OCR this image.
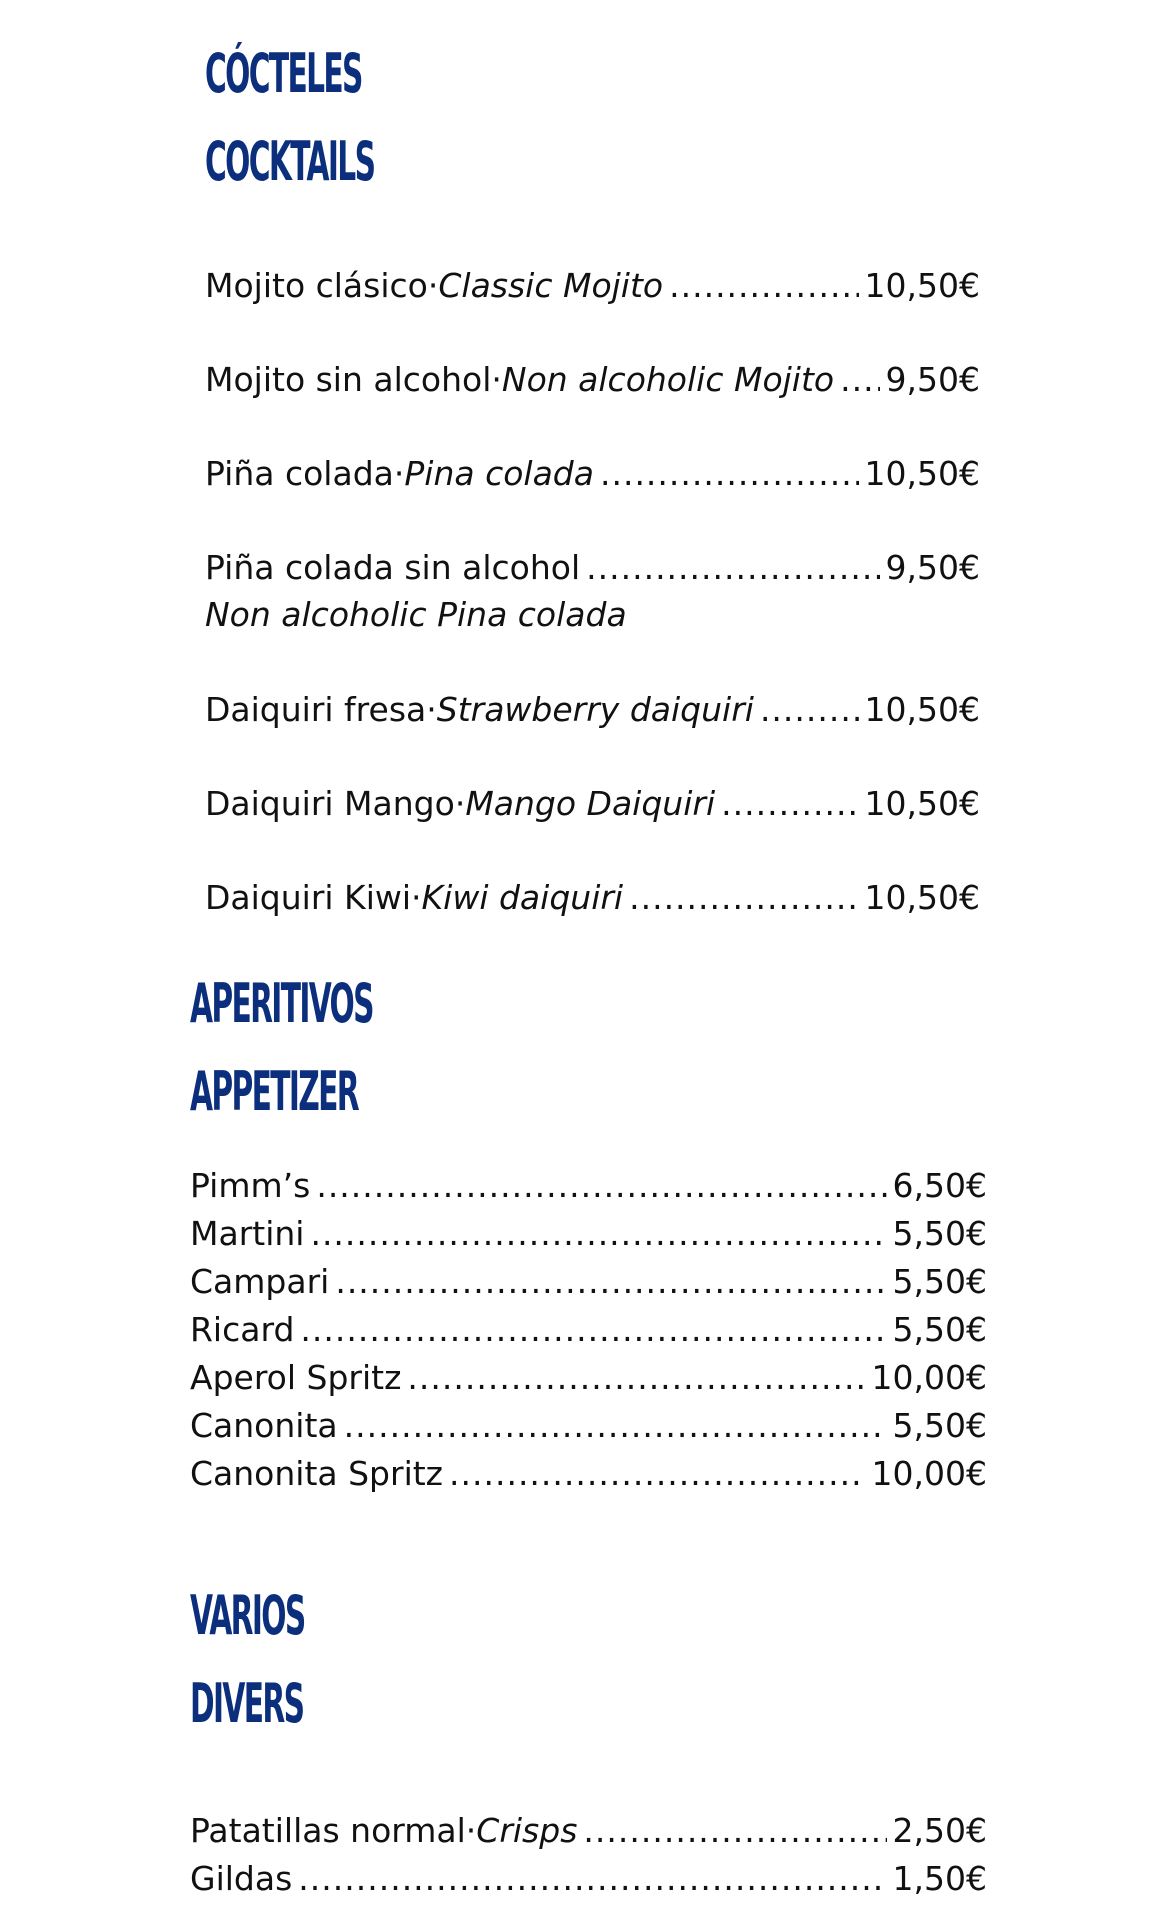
CÓCTELES
COCKTAILS
Mojito clásico · Classic Mojito .....	10,50€
Mojito sin alcohol · Non alcoholic Mojito ..... 9,50€
Piña colada · Pina colada .....	10,50€
Piña colada sin alcohol .....	9,50€
Non alcoholic Pina colada
Daiquiri fresa · Strawberry daiquiri .....	10,50€
Daiquiri Mango · Mango Daiquiri .....	10,50€
Daiquiri Kiwi · Kiwi daiquiri .....	10,50€
APERITIVOS
APPETIZER
Pimm’s .....	6,50€
Martini .....	5,50€
Campari .....	5,50€
Ricard .....	5,50€
Aperol Spritz .....	10,00€
Canonita .....	5,50€
Canonita Spritz .....	10,00€
VARIOS
DIVERS
Patatillas normal · Crisps .....	2,50€
Gildas .....	1,50€
